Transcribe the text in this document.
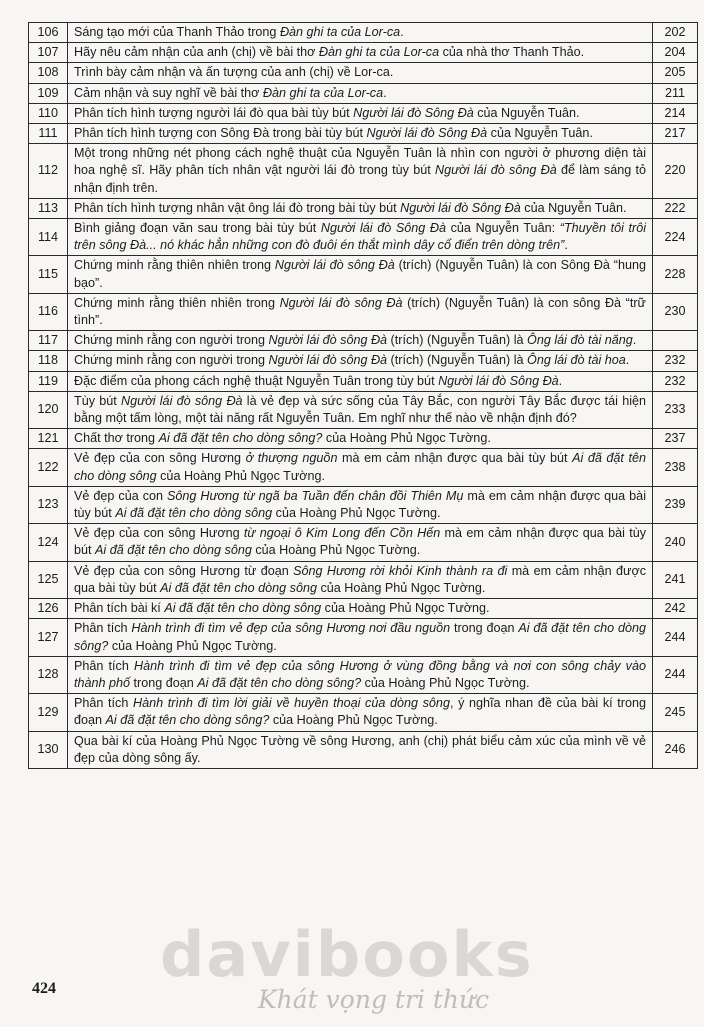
106	Sáng tạo mới của Thanh Thảo trong Đàn ghi ta của Lor-ca.	202
107	Hãy nêu cảm nhận của anh (chị) về bài thơ Đàn ghi ta của Lor-ca của nhà thơ Thanh Thảo.	204
108	Trình bày cảm nhận và ấn tượng của anh (chị) về Lor-ca.	205
109	Cảm nhận và suy nghĩ về bài thơ Đàn ghi ta của Lor-ca.	211
110	Phân tích hình tượng người lái đò qua bài tùy bút Người lái đò Sông Đà của Nguyễn Tuân.	214
111	Phân tích hình tượng con Sông Đà trong bài tùy bút Người lái đò Sông Đà của Nguyễn Tuân.	217
112	Một trong những nét phong cách nghệ thuật của Nguyễn Tuân là nhìn con người ở phương diện tài hoa nghệ sĩ. Hãy phân tích nhân vật người lái đò trong tùy bút Người lái đò sông Đà để làm sáng tỏ nhận định trên.	220
113	Phân tích hình tượng nhân vật ông lái đò trong bài tùy bút Người lái đò Sông Đà của Nguyễn Tuân.	222
114	Bình giảng đoạn văn sau trong bài tùy bút Người lái đò Sông Đà của Nguyễn Tuân: “Thuyền tôi trôi trên sông Đà... nó khác hẳn những con đò đuôi én thắt mình dây cổ điển trên dòng trên”.	224
115	Chứng minh rằng thiên nhiên trong Người lái đò sông Đà (trích) (Nguyễn Tuân) là con Sông Đà “hung bạo”.	228
116	Chứng minh rằng thiên nhiên trong Người lái đò sông Đà (trích) (Nguyễn Tuân) là con sông Đà “trữ tình”.	230
117	Chứng minh rằng con người trong Người lái đò sông Đà (trích) (Nguyễn Tuân) là Ông lái đò tài năng.	
118	Chứng minh rằng con người trong Người lái đò sông Đà (trích) (Nguyễn Tuân) là Ông lái đò tài hoa.	232
119	Đặc điểm của phong cách nghệ thuật Nguyễn Tuân trong tùy bút Người lái đò Sông Đà.	232
120	Tùy bút Người lái đò sông Đà là vẻ đẹp và sức sống của Tây Bắc, con người Tây Bắc được tái hiện bằng một tấm lòng, một tài năng rất Nguyễn Tuân. Em nghĩ như thế nào về nhận định đó?	233
121	Chất thơ trong Ai đã đặt tên cho dòng sông? của Hoàng Phủ Ngọc Tường.	237
122	Vẻ đẹp của con sông Hương ở thượng nguồn mà em cảm nhận được qua bài tùy bút Ai đã đặt tên cho dòng sông của Hoàng Phủ Ngọc Tường.	238
123	Vẻ đẹp của con Sông Hương từ ngã ba Tuần đến chân đồi Thiên Mụ mà em cảm nhận được qua bài tùy bút Ai đã đặt tên cho dòng sông của Hoàng Phủ Ngọc Tường.	239
124	Vẻ đẹp của con sông Hương từ ngoại ô Kim Long đến Cồn Hến mà em cảm nhận được qua bài tùy bút Ai đã đặt tên cho dòng sông của Hoàng Phủ Ngọc Tường.	240
125	Vẻ đẹp của con sông Hương từ đoạn Sông Hương rời khỏi Kinh thành ra đi mà em cảm nhận được qua bài tùy bút Ai đã đặt tên cho dòng sông của Hoàng Phủ Ngọc Tường.	241
126	Phân tích bài kí Ai đã đặt tên cho dòng sông của Hoàng Phủ Ngọc Tường.	242
127	Phân tích Hành trình đi tìm vẻ đẹp của sông Hương nơi đầu nguồn trong đoạn Ai đã đặt tên cho dòng sông? của Hoàng Phủ Ngọc Tường.	244
128	Phân tích Hành trình đi tìm vẻ đẹp của sông Hương ở vùng đồng bằng và nơi con sông chảy vào thành phố trong đoạn Ai đã đặt tên cho dòng sông? của Hoàng Phủ Ngọc Tường.	244
129	Phân tích Hành trình đi tìm lời giải về huyền thoại của dòng sông, ý nghĩa nhan đề của bài kí trong đoạn Ai đã đặt tên cho dòng sông? của Hoàng Phủ Ngọc Tường.	245
130	Qua bài kí của Hoàng Phủ Ngọc Tường về sông Hương, anh (chị) phát biểu cảm xúc của mình về vẻ đẹp của dòng sông ấy.	246
424 davibooks
Khát vọng tri thức
